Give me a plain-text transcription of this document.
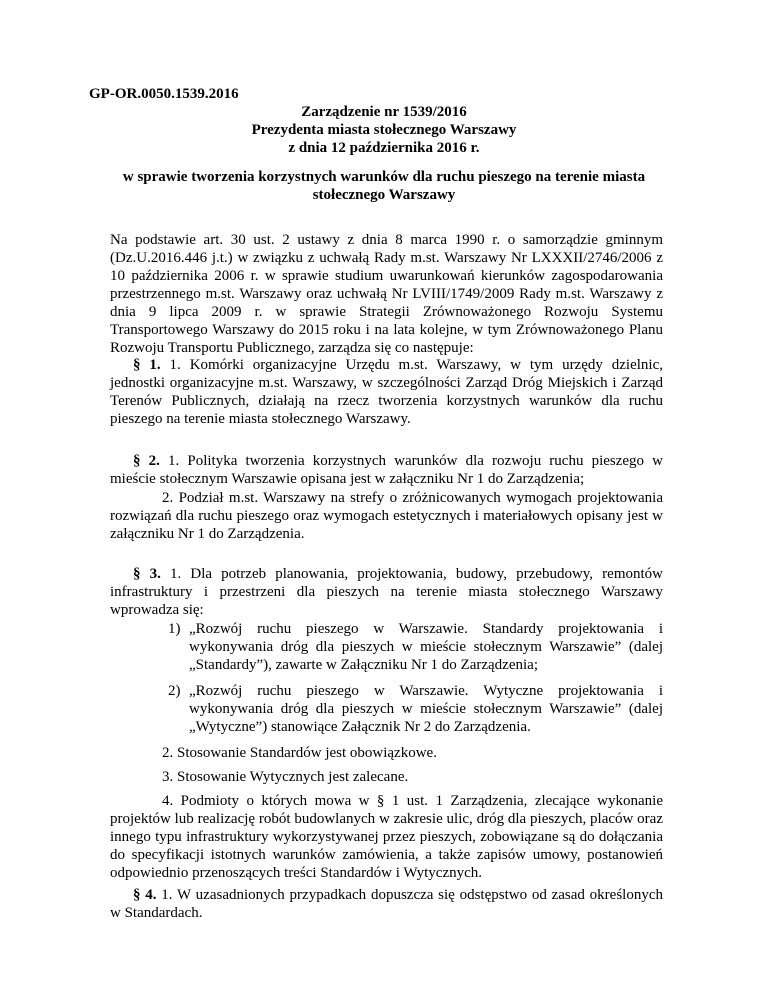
GP-OR.0050.1539.2016

Zarządzenie nr 1539/2016
Prezydenta miasta stołecznego Warszawy
z dnia 12 października 2016 r.
w sprawie tworzenia korzystnych warunków dla ruchu pieszego na terenie miasta
stołecznego Warszawy

Na podstawie art. 30 ust. 2 ustawy z dnia 8 marca 1990 r. o samorządzie gminnym (Dz.U.2016.446 j.t.) w związku z uchwałą Rady m.st. Warszawy Nr LXXXII/2746/2006 z 10 października 2006 r. w sprawie studium uwarunkowań kierunków zagospodarowania przestrzennego m.st. Warszawy oraz uchwałą Nr LVIII/1749/2009 Rady m.st. Warszawy z dnia 9 lipca 2009 r. w sprawie Strategii Zrównoważonego Rozwoju Systemu Transportowego Warszawy do 2015 roku i na lata kolejne, w tym Zrównoważonego Planu Rozwoju Transportu Publicznego, zarządza się co następuje:

§ 1. 1. Komórki organizacyjne Urzędu m.st. Warszawy, w tym urzędy dzielnic, jednostki organizacyjne m.st. Warszawy, w szczególności Zarząd Dróg Miejskich i Zarząd Terenów Publicznych, działają na rzecz tworzenia korzystnych warunków dla ruchu pieszego na terenie miasta stołecznego Warszawy.

§ 2. 1. Polityka tworzenia korzystnych warunków dla rozwoju ruchu pieszego w mieście stołecznym Warszawie opisana jest w załączniku Nr 1 do Zarządzenia;

2. Podział m.st. Warszawy na strefy o zróżnicowanych wymogach projektowania rozwiązań dla ruchu pieszego oraz wymogach estetycznych i materiałowych opisany jest w załączniku Nr 1 do Zarządzenia.

§ 3. 1. Dla potrzeb planowania, projektowania, budowy, przebudowy, remontów infrastruktury i przestrzeni dla pieszych na terenie miasta stołecznego Warszawy wprowadza się:

1) „Rozwój ruchu pieszego w Warszawie. Standardy projektowania i wykonywania dróg dla pieszych w mieście stołecznym Warszawie” (dalej „Standardy”), zawarte w Załączniku Nr 1 do Zarządzenia;
2) „Rozwój ruchu pieszego w Warszawie. Wytyczne projektowania i wykonywania dróg dla pieszych w mieście stołecznym Warszawie” (dalej „Wytyczne”) stanowiące Załącznik Nr 2 do Zarządzenia.

2. Stosowanie Standardów jest obowiązkowe.

3. Stosowanie Wytycznych jest zalecane.

4. Podmioty o których mowa w § 1 ust. 1 Zarządzenia, zlecające wykonanie projektów lub realizację robót budowlanych w zakresie ulic, dróg dla pieszych, placów oraz innego typu infrastruktury wykorzystywanej przez pieszych, zobowiązane są do dołączania do specyfikacji istotnych warunków zamówienia, a także zapisów umowy, postanowień odpowiednio przenoszących treści Standardów i Wytycznych.

§ 4. 1. W uzasadnionych przypadkach dopuszcza się odstępstwo od zasad określonych w Standardach.
